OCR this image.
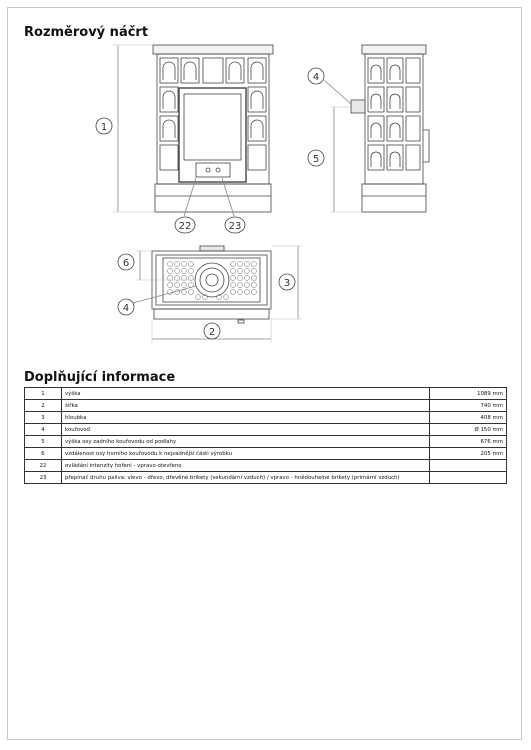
Rozměrový náčrt
1
4
5
22	23
6
3
4
2
Doplňující informace
1	výška	1089 mm
2	šířka	740 mm
3	hloubka	408 mm
4	kouřovod	Ø 150 mm
5	výška osy zadního kouřovodu od podlahy	676 mm
6	vzdálenost osy horního kouřovodu k nejzadnější části výrobku	205 mm
22	ovládání intenzity hoření - vpravo otevřeno	
23	přepínač druhu paliva: vlevo - dřevo, dřevěné brikety (sekundární vzduch) / vpravo - hnědouhelné brikety (primární vzduch)	
